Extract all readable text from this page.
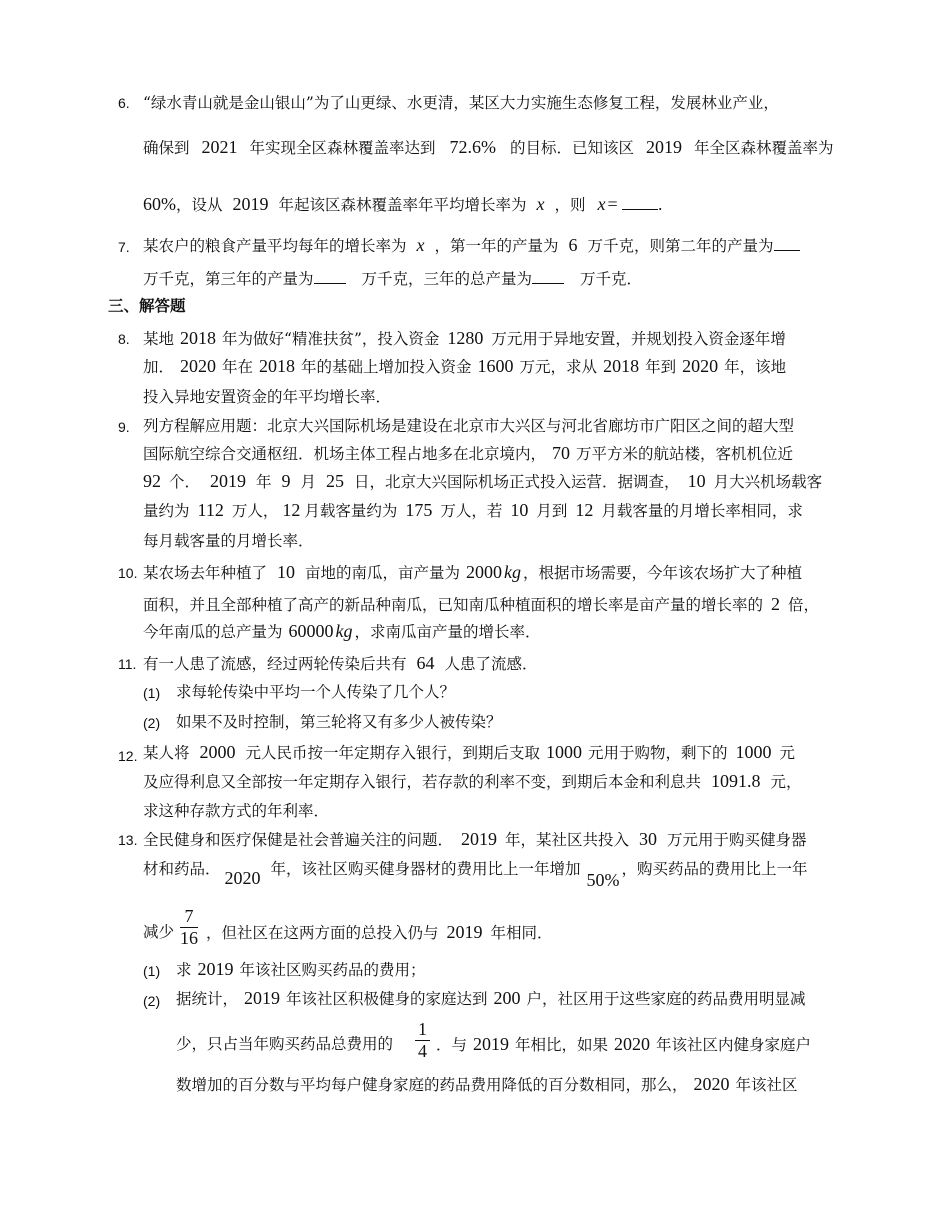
6. “绿水青山就是金山银山”为了山更绿、水更清，某区大力实施生态修复工程，发展林业产业，
确保到 2021 年实现全区森林覆盖率达到 72.6% 的目标．已知该区 2019 年全区森林覆盖率为
60%，设从 2019 年起该区森林覆盖率年平均增长率为 x ，则 x =	.
7. 某农户的粮食产量平均每年的增长率为 x ，第一年的产量为 6 万千克，则第二年的产量为
万千克，第三年的产量为	万千克，三年的总产量为	万千克．
三、解答题
8. 某地 2018 年为做好“精准扶贫”，投入资金 1280 万元用于异地安置，并规划投入资金逐年增
加． 2020 年在 2018 年的基础上增加投入资金 1600 万元，求从 2018 年到 2020 年，该地
投入异地安置资金的年平均增长率．
9. 列方程解应用题：北京大兴国际机场是建设在北京市大兴区与河北省廊坊市广阳区之间的超大型
国际航空综合交通枢纽．机场主体工程占地多在北京境内， 70 万平方米的航站楼，客机机位近
92 个． 2019 年 9 月 25 日，北京大兴国际机场正式投入运营．据调查， 10 月大兴机场载客
量约为 112 万人， 12 月载客量约为 175 万人，若 10 月到 12 月载客量的月增长率相同，求
每月载客量的月增长率．
10. 某农场去年种植了 10 亩地的南瓜，亩产量为 2000 kg ，根据市场需要，今年该农场扩大了种植
面积，并且全部种植了高产的新品种南瓜，已知南瓜种植面积的增长率是亩产量的增长率的 2 倍，
今年南瓜的总产量为 60000 kg ，求南瓜亩产量的增长率．
11. 有一人患了流感，经过两轮传染后共有 64 人患了流感．
(1) 求每轮传染中平均一个人传染了几个人？
(2) 如果不及时控制，第三轮将又有多少人被传染？
12. 某人将 2000 元人民币按一年定期存入银行，到期后支取 1000 元用于购物，剩下的 1000 元
及应得利息又全部按一年定期存入银行，若存款的利率不变，到期后本金和利息共 1091.8 元，
求这种存款方式的年利率．
13. 全民健身和医疗保健是社会普遍关注的问题． 2019 年，某社区共投入 30 万元用于购买健身器
材和药品． 2020 年，该社区购买健身器材的费用比上一年增加50%，购买药品的费用比上一年
减少 $\frac{7}{16}$ ，但社区在这两方面的总投入仍与 2019 年相同．
(1) 求 2019 年该社区购买药品的费用；
(2) 据统计， 2019 年该社区积极健身的家庭达到 200 户，社区用于这些家庭的药品费用明显减
少，只占当年购买药品总费用的 $\frac{1}{4}$ ．与 2019 年相比，如果 2020 年该社区内健身家庭户
数增加的百分数与平均每户健身家庭的药品费用降低的百分数相同，那么， 2020 年该社区
